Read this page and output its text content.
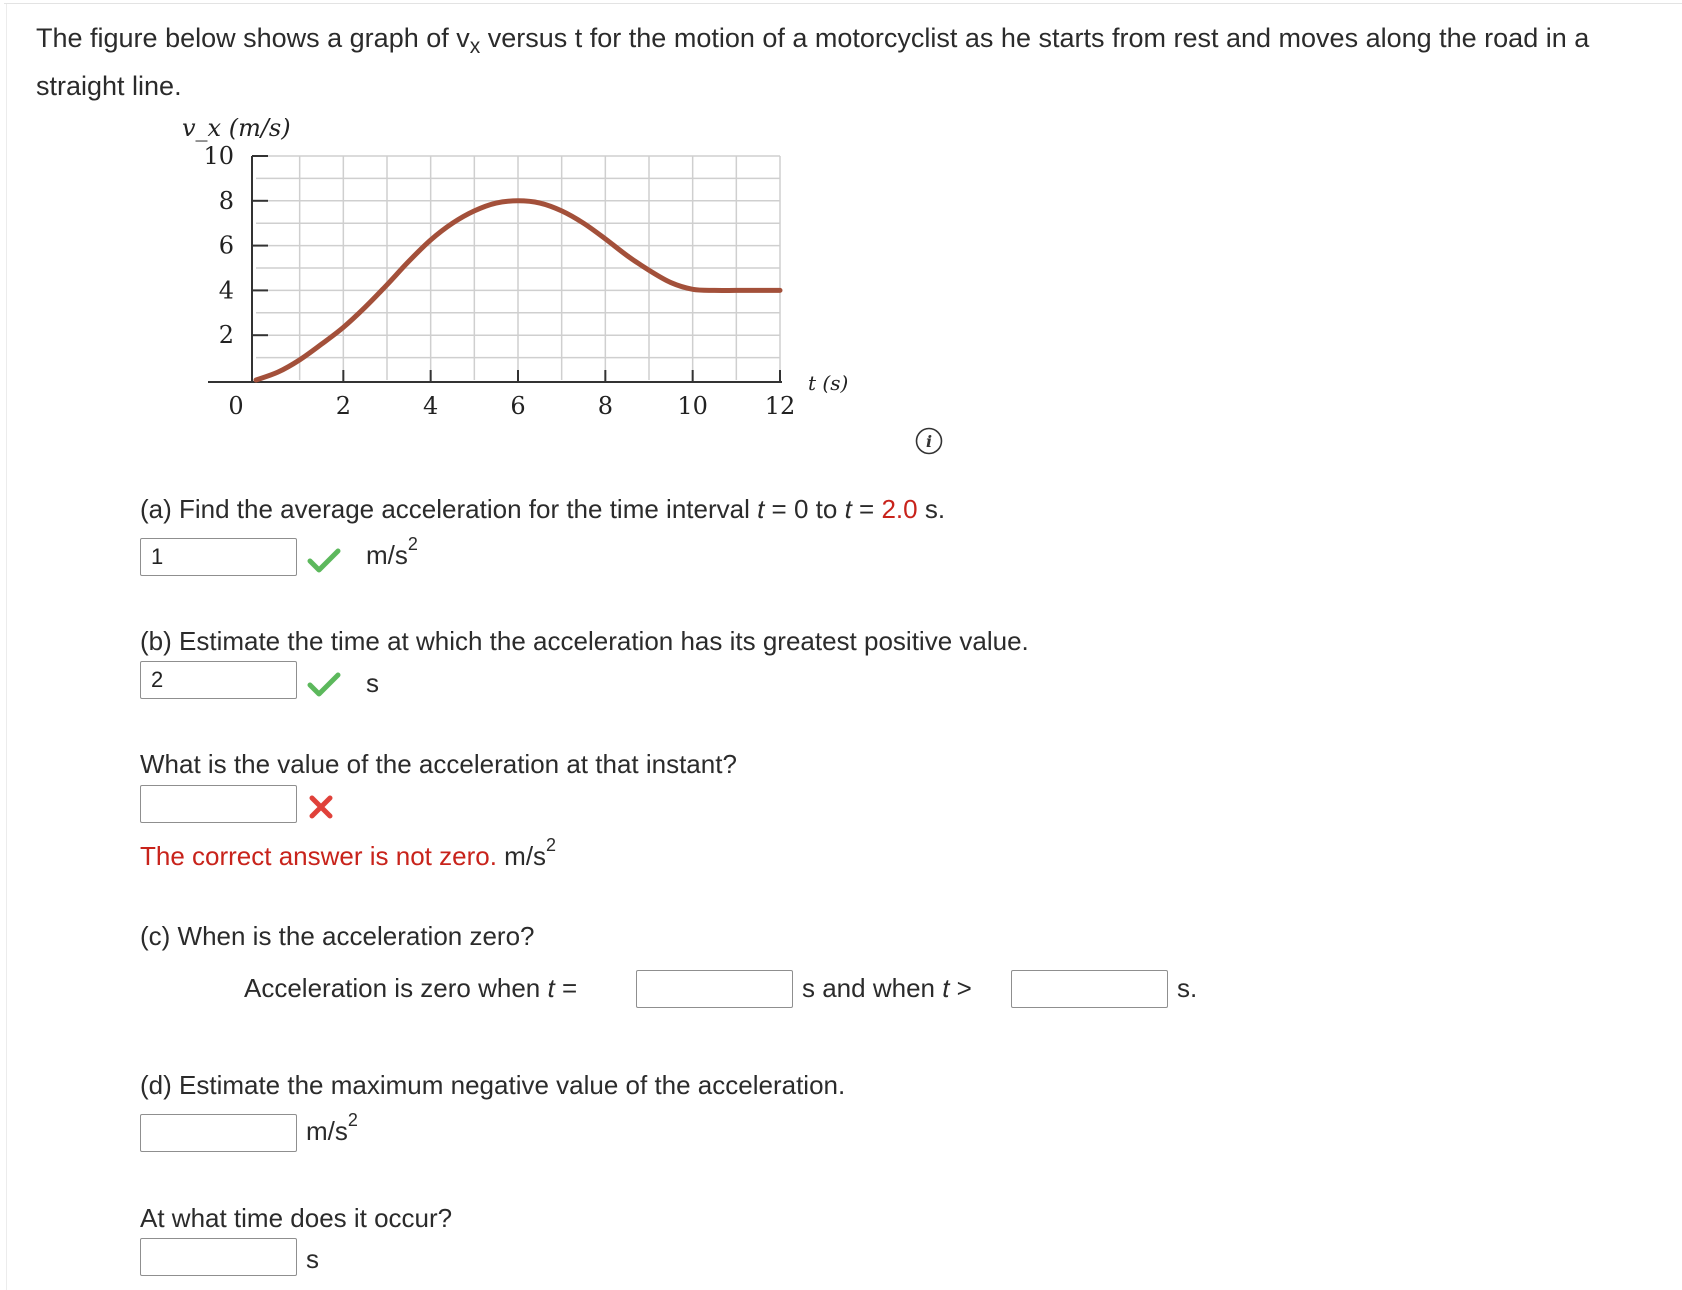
The figure below shows a graph of $v_x$ versus t for the motion of a motorcyclist as he starts from rest and moves along the road in a straight line.
2
4
6
8
10
0	2	4	6	8	10 12
v_x (m/s)
t (s)
i
(a) Find the average acceleration for the time interval t = 0 to t = 2.0 s.
1
$m/s^2$
(b) Estimate the time at which the acceleration has its greatest positive value.
2
s
What is the value of the acceleration at that instant?
The correct answer is not zero. $m/s^2$
(c) When is the acceleration zero?
Acceleration is zero when t =	s and when t >	s.
(d) Estimate the maximum negative value of the acceleration.
$m/s^2$
At what time does it occur?
s
